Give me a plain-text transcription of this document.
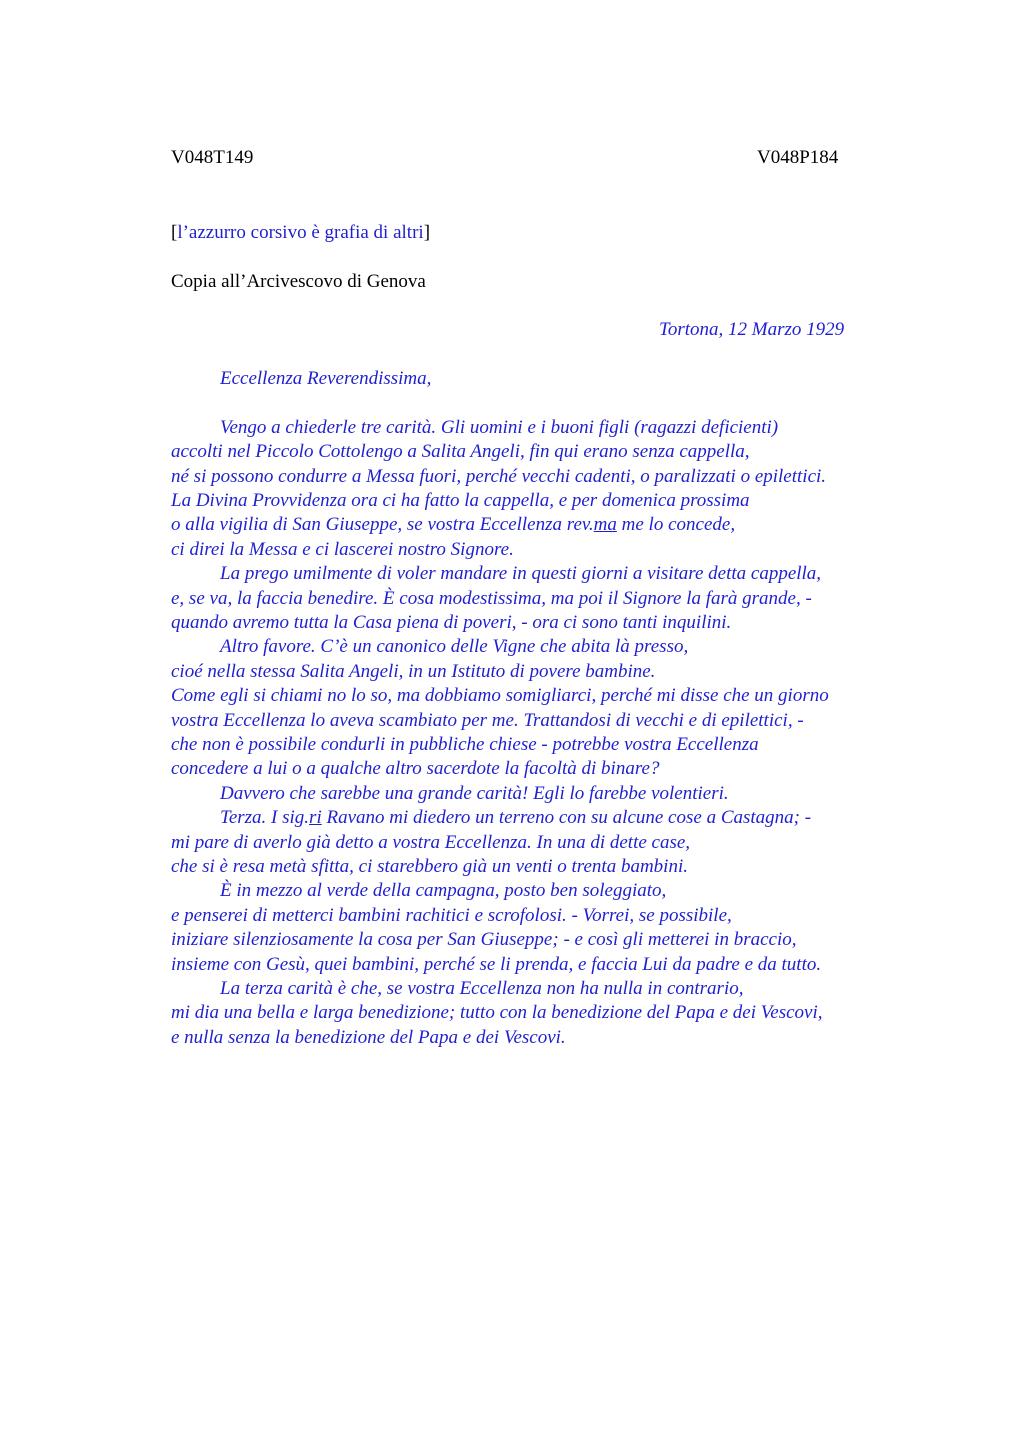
V048T149	V048P184
[l’azzurro corsivo è grafia di altri]
Copia all’Arcivescovo di Genova
Tortona, 12 Marzo 1929
Eccellenza Reverendissima,
Vengo a chiederle tre carità. Gli uomini e i buoni figli (ragazzi deficienti)
accolti nel Piccolo Cottolengo a Salita Angeli, fin qui erano senza cappella,
né si possono condurre a Messa fuori, perché vecchi cadenti, o paralizzati o epilettici.
La Divina Provvidenza ora ci ha fatto la cappella, e per domenica prossima
o alla vigilia di San Giuseppe, se vostra Eccellenza rev.ma me lo concede,
ci direi la Messa e ci lascerei nostro Signore.
La prego umilmente di voler mandare in questi giorni a visitare detta cappella,
e, se va, la faccia benedire. È cosa modestissima, ma poi il Signore la farà grande, -
quando avremo tutta la Casa piena di poveri, - ora ci sono tanti inquilini.
Altro favore. C’è un canonico delle Vigne che abita là presso,
cioé nella stessa Salita Angeli, in un Istituto di povere bambine.
Come egli si chiami no lo so, ma dobbiamo somigliarci, perché mi disse che un giorno
vostra Eccellenza lo aveva scambiato per me. Trattandosi di vecchi e di epilettici, -
che non è possibile condurli in pubbliche chiese - potrebbe vostra Eccellenza
concedere a lui o a qualche altro sacerdote la facoltà di binare?
Davvero che sarebbe una grande carità! Egli lo farebbe volentieri.
Terza. I sig.ri Ravano mi diedero un terreno con su alcune cose a Castagna; -
mi pare di averlo già detto a vostra Eccellenza. In una di dette case,
che si è resa metà sfitta, ci starebbero già un venti o trenta bambini.
È in mezzo al verde della campagna, posto ben soleggiato,
e penserei di metterci bambini rachitici e scrofolosi. - Vorrei, se possibile,
iniziare silenziosamente la cosa per San Giuseppe; - e così gli metterei in braccio,
insieme con Gesù, quei bambini, perché se li prenda, e faccia Lui da padre e da tutto.
La terza carità è che, se vostra Eccellenza non ha nulla in contrario,
mi dia una bella e larga benedizione; tutto con la benedizione del Papa e dei Vescovi,
e nulla senza la benedizione del Papa e dei Vescovi.
